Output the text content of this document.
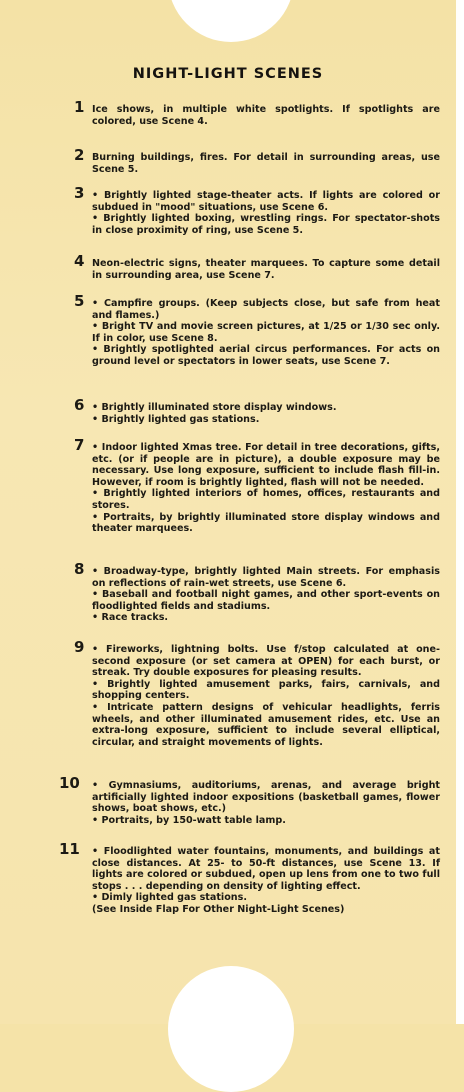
NIGHT-LIGHT SCENES
1 Ice shows, in multiple white spotlights. If spotlights are colored, use Scene 4.
2 Burning buildings, fires. For detail in surrounding areas, use Scene 5.
3 • Brightly lighted stage-theater acts. If lights are colored or subdued in "mood" situations, use Scene 6.
• Brightly lighted boxing, wrestling rings. For spectator-shots in close proximity of ring, use Scene 5.
4 Neon-electric signs, theater marquees. To capture some detail in surrounding area, use Scene 7.
5 • Campfire groups. (Keep subjects close, but safe from heat and flames.)
• Bright TV and movie screen pictures, at 1/25 or 1/30 sec only. If in color, use Scene 8.
• Brightly spotlighted aerial circus performances. For acts on ground level or spectators in lower seats, use Scene 7.
6 • Brightly illuminated store display windows.
• Brightly lighted gas stations.
7 • Indoor lighted Xmas tree. For detail in tree decorations, gifts, etc. (or if people are in picture), a double exposure may be necessary. Use long exposure, sufficient to include flash fill-in. However, if room is brightly lighted, flash will not be needed.
• Brightly lighted interiors of homes, offices, restaurants and stores.
• Portraits, by brightly illuminated store display windows and theater marquees.
8 • Broadway-type, brightly lighted Main streets. For emphasis on reflections of rain-wet streets, use Scene 6.
• Baseball and football night games, and other sport-events on floodlighted fields and stadiums.
• Race tracks.
9 • Fireworks, lightning bolts. Use f/stop calculated at one-second exposure (or set camera at OPEN) for each burst, or streak. Try double exposures for pleasing results.
• Brightly lighted amusement parks, fairs, carnivals, and shopping centers.
• Intricate pattern designs of vehicular headlights, ferris wheels, and other illuminated amusement rides, etc. Use an extra-long exposure, sufficient to include several elliptical, circular, and straight movements of lights.
10 • Gymnasiums, auditoriums, arenas, and average bright artificially lighted indoor expositions (basketball games, flower shows, boat shows, etc.)
• Portraits, by 150-watt table lamp.
11 • Floodlighted water fountains, monuments, and buildings at close distances. At 25- to 50-ft distances, use Scene 13. If lights are colored or subdued, open up lens from one to two full stops . . . depending on density of lighting effect.
• Dimly lighted gas stations.
(See Inside Flap For Other Night-Light Scenes)
